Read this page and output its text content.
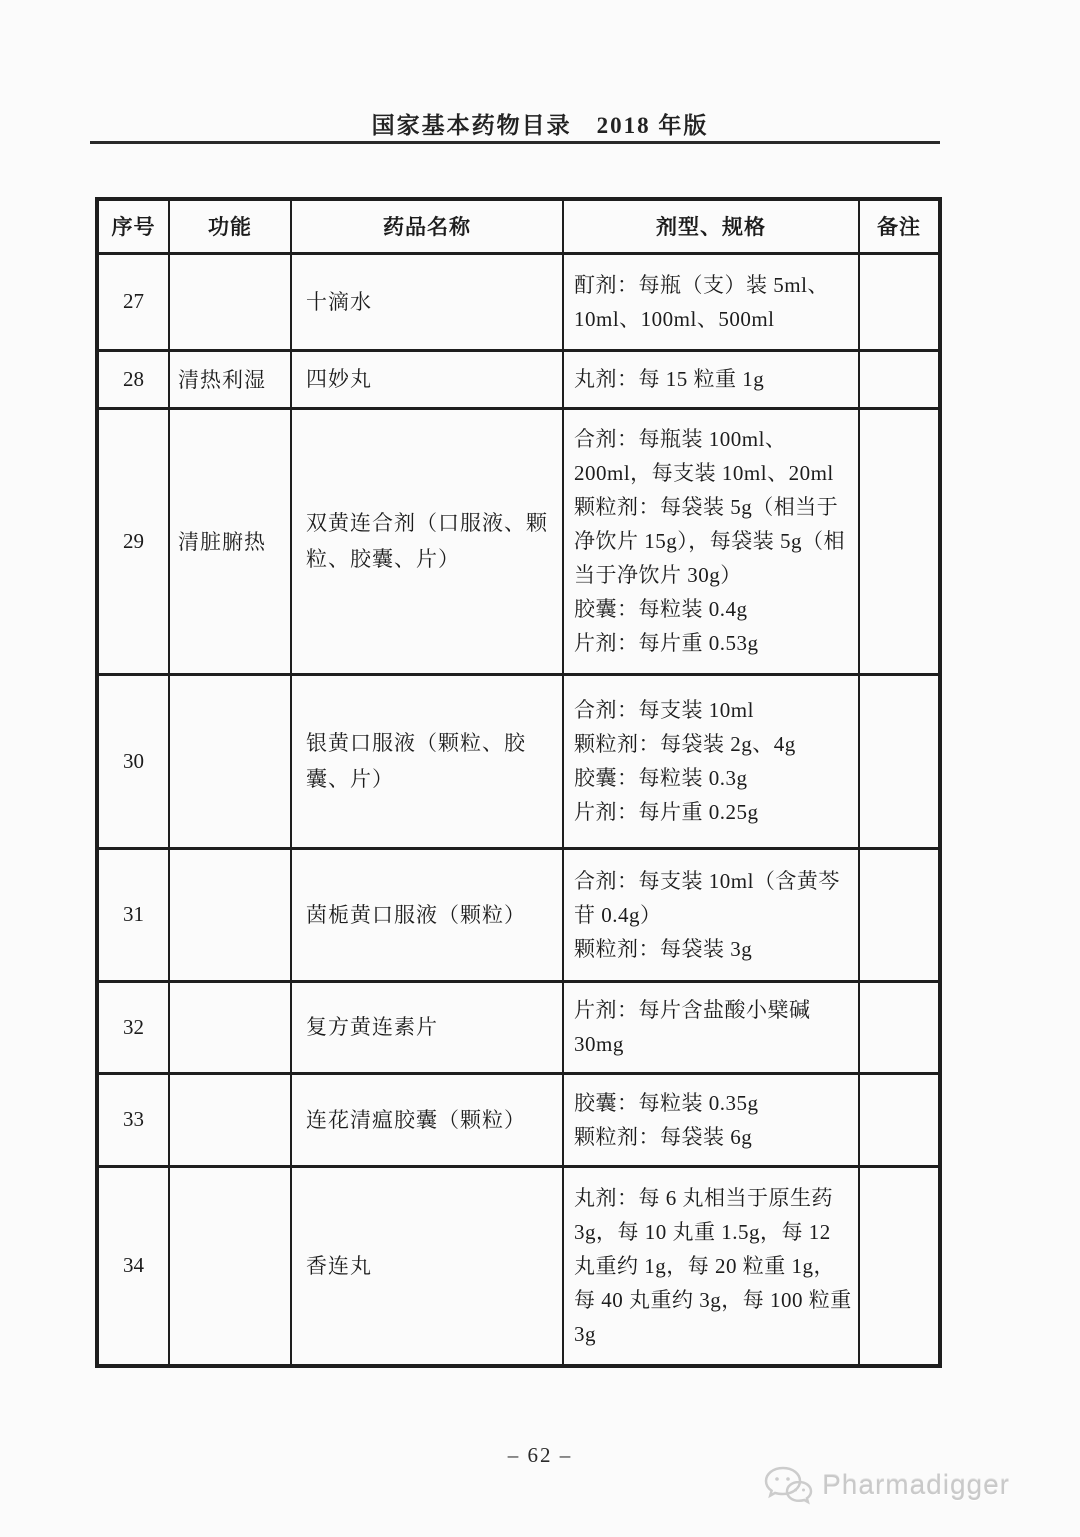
国家基本药物目录　2018 年版
序号	功能	药品名称	剂型、规格	备注
27		十滴水	酊剂：每瓶（支）装 5ml、10ml、100ml、500ml	

28	清热利湿	四妙丸	丸剂：每 15 粒重 1g	

29	清脏腑热	双黄连合剂（口服液、颗粒、胶囊、片）	合剂：每瓶装 100ml、200ml，每支装 10ml、20ml
颗粒剂：每袋装 5g（相当于净饮片 15g），每袋装 5g（相当于净饮片 30g）
胶囊：每粒装 0.4g
片剂：每片重 0.53g	

30		银黄口服液（颗粒、胶囊、片）	合剂：每支装 10ml
颗粒剂：每袋装 2g、4g
胶囊：每粒装 0.3g
片剂：每片重 0.25g	

31		茵栀黄口服液（颗粒）	合剂：每支装 10ml（含黄芩苷 0.4g）
颗粒剂：每袋装 3g	

32		复方黄连素片	片剂：每片含盐酸小檗碱 30mg	

33		连花清瘟胶囊（颗粒）	胶囊：每粒装 0.35g
颗粒剂：每袋装 6g	

34		香连丸	丸剂：每 6 丸相当于原生药 3g，每 10 丸重 1.5g，每 12 丸重约 1g，每 20 粒重 1g，每 40 丸重约 3g，每 100 粒重 3g	

– 62 –
Pharmadigger
